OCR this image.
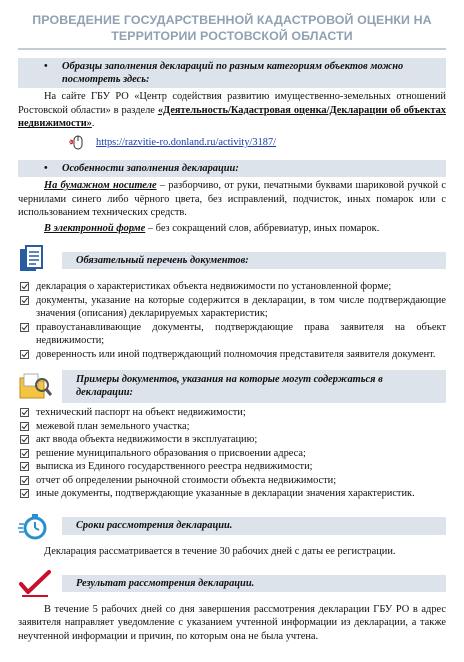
ПРОВЕДЕНИЕ ГОСУДАРСТВЕННОЙ КАДАСТРОВОЙ ОЦЕНКИ НА
ТЕРРИТОРИИ РОСТОВСКОЙ ОБЛАСТИ
• Образцы заполнения деклараций по разным категориям объектов можно посмотреть здесь:

На сайте ГБУ РО «Центр содействия развитию имущественно-земельных отношений Ростовской области» в разделе «Деятельность/Кадастровая оценка/Декларации об объектах недвижимости».

https://razvitie-ro.donland.ru/activity/3187/
• Особенности заполнения декларации:

На бумажном носителе – разборчиво, от руки, печатными буквами шариковой ручкой с чернилами синего либо чёрного цвета, без исправлений, подчисток, иных помарок или с использованием технических средств.

В электронной форме – без сокращений слов, аббревиатур, иных помарок.

Обязательный перечень документов:
декларация о характеристиках объекта недвижимости по установленной форме;
документы, указание на которые содержится в декларации, в том числе подтверждающие значения (описания) декларируемых характеристик;
правоустанавливающие документы, подтверждающие права заявителя на объект недвижимости;
доверенность или иной подтверждающий полномочия представителя заявителя документ.
Примеры документов, указания на которые могут содержаться в декларации:
технический паспорт на объект недвижимости;
межевой план земельного участка;
акт ввода объекта недвижимости в эксплуатацию;
решение муниципального образования о присвоении адреса;
выписка из Единого государственного реестра недвижимости;
отчет об определении рыночной стоимости объекта недвижимости;
иные документы, подтверждающие указанные в декларации значения характеристик.
Сроки рассмотрения декларации.

Декларация рассматривается в течение 30 рабочих дней с даты ее регистрации.

Результат рассмотрения декларации.

В течение 5 рабочих дней со дня завершения рассмотрения декларации ГБУ РО в адрес заявителя направляет уведомление с указанием учтенной информации из декларации, а также неучтенной информации и причин, по которым она не была учтена.
